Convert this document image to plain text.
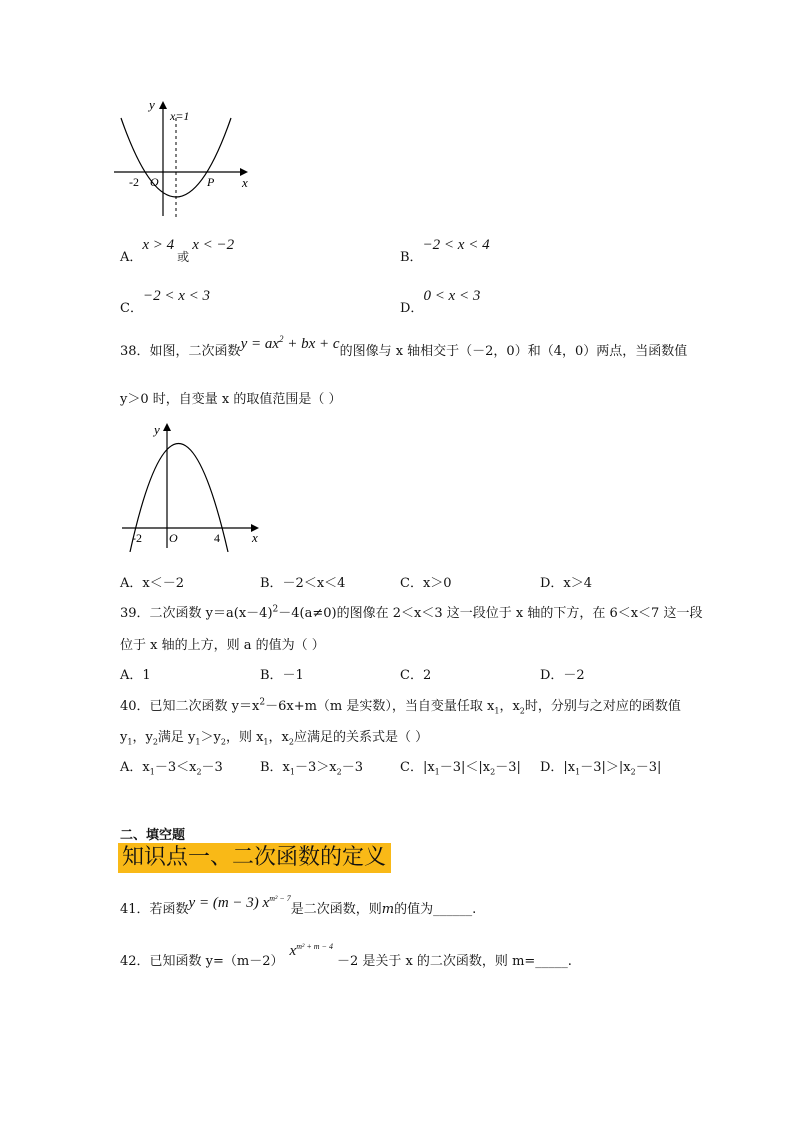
y
x=1
x
-2 O	P
A．x > 4或x < −2
B．−2 < x < 4
C．−2 < x < 3
D．0 < x < 3
38．如图，二次函数$y = ax^2$ + bx + c的图像与 x 轴相交于（－2，0）和（4，0）两点，当函数值
y＞0 时，自变量 x 的取值范围是（ ）
y
x
-2 O	4
A．x＜－2	B．－2＜x＜4	C．x＞0	D．x＞4
39．二次函数 $y=a(x-4)^2-4(a\ne 0)$的图像在 2＜x＜3 这一段位于 x 轴的下方，在 6＜x＜7 这一段
位于 x 轴的上方，则 a 的值为（ ）
A．1	B．－1	C．2	D．－2
40．已知二次函数 $y=x^2-6x+m(m$ 是实数），当自变量任取 $x_1$，$x_2$时，分别与之对应的函数值
$y_1$，$y_2$满足 $y_1>y_2$，则 $x_1$，$x_2$应满足的关系式是（ ）
A．$x_1-3<x_2-3$	B．$x_1-3>x_2-3$	C．$|x_1-3|<|x_2-3|$ D．$|x_1-3|>|x_2-3|$
二、填空题
知识点一、二次函数的定义
41．若函数y = (m − 3) $x^{m^2 - 7}$是二次函数，则m的值为______.
42．已知函数 $y=(m-2)x^{m^2 + m - 4}-2$ 是关于 x 的二次函数，则 m=_____.
